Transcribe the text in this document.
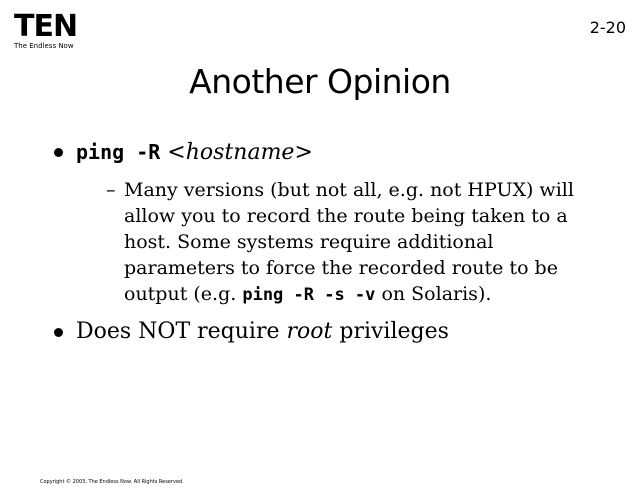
TEN
The Endless Now
2-20
Another Opinion
ping -R <hostname>
– Many versions (but not all, e.g. not HPUX) will allow you to record the route being taken to a host. Some systems require additional parameters to force the recorded route to be output (e.g. ping -R -s -v on Solaris).
Does NOT require root privileges
Copyright © 2003, The Endless Now. All Rights Reserved.
